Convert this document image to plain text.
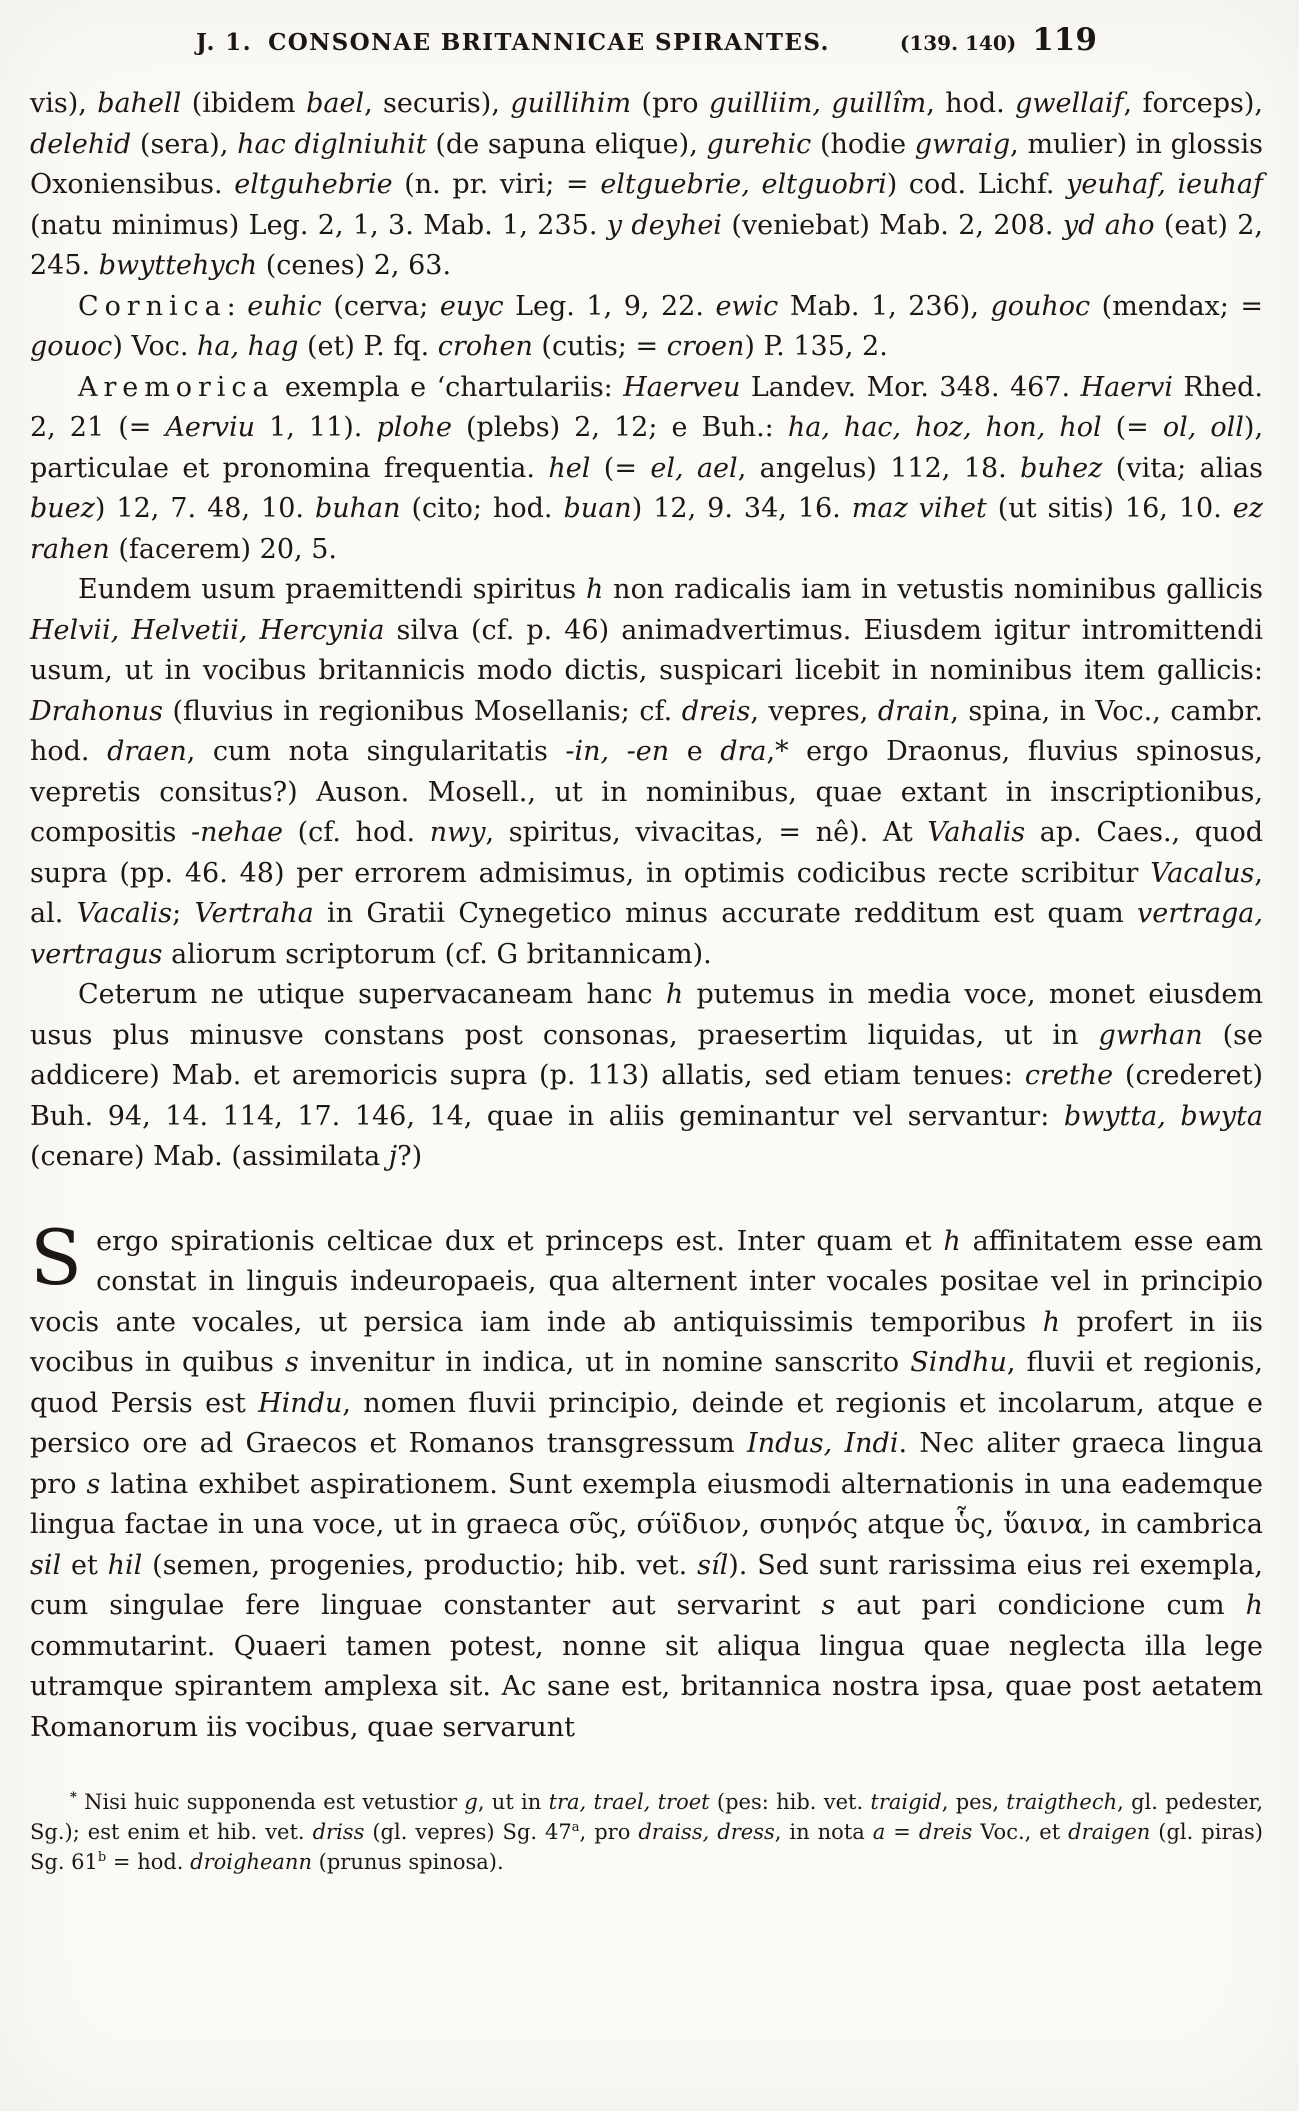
J. 1. CONSONAE BRITANNICAE SPIRANTES.	(139. 140) 119

vis), bahell (ibidem bael, securis), guillihim (pro guilliim, guillîm, hod. gwellaif, forceps), delehid (sera), hac diglniuhit (de sapuna elique), gurehic (hodie gwraig, mulier) in glossis Oxoniensibus. eltguhebrie (n. pr. viri; = eltguebrie, eltguobri) cod. Lichf. yeuhaf, ieuhaf (natu minimus) Leg. 2, 1, 3. Mab. 1, 235. y deyhei (veniebat) Mab. 2, 208. yd aho (eat) 2, 245. bwyttehych (cenes) 2, 63.

Cornica: euhic (cerva; euyc Leg. 1, 9, 22. ewic Mab. 1, 236), gouhoc (mendax; = gouoc) Voc. ha, hag (et) P. fq. crohen (cutis; = croen) P. 135, 2.

Aremorica exempla e ‘chartulariis: Haerveu Landev. Mor. 348. 467. Haervi Rhed. 2, 21 (= Aerviu 1, 11). plohe (plebs) 2, 12; e Buh.: ha, hac, hoz, hon, hol (= ol, oll), particulae et pronomina frequentia. hel (= el, ael, angelus) 112, 18. buhez (vita; alias buez) 12, 7. 48, 10. buhan (cito; hod. buan) 12, 9. 34, 16. maz vihet (ut sitis) 16, 10. ez rahen (facerem) 20, 5.

Eundem usum praemittendi spiritus h non radicalis iam in vetustis nominibus gallicis Helvii, Helvetii, Hercynia silva (cf. p. 46) animadvertimus. Eiusdem igitur intromittendi usum, ut in vocibus britannicis modo dictis, suspicari licebit in nominibus item gallicis: Drahonus (fluvius in regionibus Mosellanis; cf. dreis, vepres, drain, spina, in Voc., cambr. hod. draen, cum nota singularitatis -in, -en e dra,* ergo Draonus, fluvius spinosus, vepretis consitus?) Auson. Mosell., ut in nominibus, quae extant in inscriptionibus, compositis -nehae (cf. hod. nwy, spiritus, vivacitas, = nê). At Vahalis ap. Caes., quod supra (pp. 46. 48) per errorem admisimus, in optimis codicibus recte scribitur Vacalus, al. Vacalis; Vertraha in Gratii Cynegetico minus accurate redditum est quam vertraga, vertragus aliorum scriptorum (cf. G britannicam).

Ceterum ne utique supervacaneam hanc h putemus in media voce, monet eiusdem usus plus minusve constans post consonas, praesertim liquidas, ut in gwrhan (se addicere) Mab. et aremoricis supra (p. 113) allatis, sed etiam tenues: crethe (crederet) Buh. 94, 14. 114, 17. 146, 14, quae in aliis geminantur vel servantur: bwytta, bwyta (cenare) Mab. (assimilata j?)

Sergo spirationis celticae dux et princeps est. Inter quam et h affinitatem esse eam constat in linguis indeuropaeis, qua alternent inter vocales positae vel in principio vocis ante vocales, ut persica iam inde ab antiquissimis temporibus h profert in iis vocibus in quibus s invenitur in indica, ut in nomine sanscrito Sindhu, fluvii et regionis, quod Persis est Hindu, nomen fluvii principio, deinde et regionis et incolarum, atque e persico ore ad Graecos et Romanos transgressum Indus, Indi. Nec aliter graeca lingua pro s latina exhibet aspirationem. Sunt exempla eiusmodi alternationis in una eademque lingua factae in una voce, ut in graeca σῦς, σύϊδιον, συηνός atque ὗς, ὕαινα, in cambrica sil et hil (semen, progenies, productio; hib. vet. síl). Sed sunt rarissima eius rei exempla, cum singulae fere linguae constanter aut servarint s aut pari condicione cum h commutarint. Quaeri tamen potest, nonne sit aliqua lingua quae neglecta illa lege utramque spirantem amplexa sit. Ac sane est, britannica nostra ipsa, quae post aetatem Romanorum iis vocibus, quae servarunt

* Nisi huic supponenda est vetustior g, ut in tra, trael, troet (pes: hib. vet. traigid, pes, traigthech, gl. pedester, Sg.); est enim et hib. vet. driss (gl. vepres) Sg. 47$^a$, pro draiss, dress, in nota a = dreis Voc., et draigen (gl. piras) Sg. $61^b$ = hod. droigheann (prunus spinosa).
